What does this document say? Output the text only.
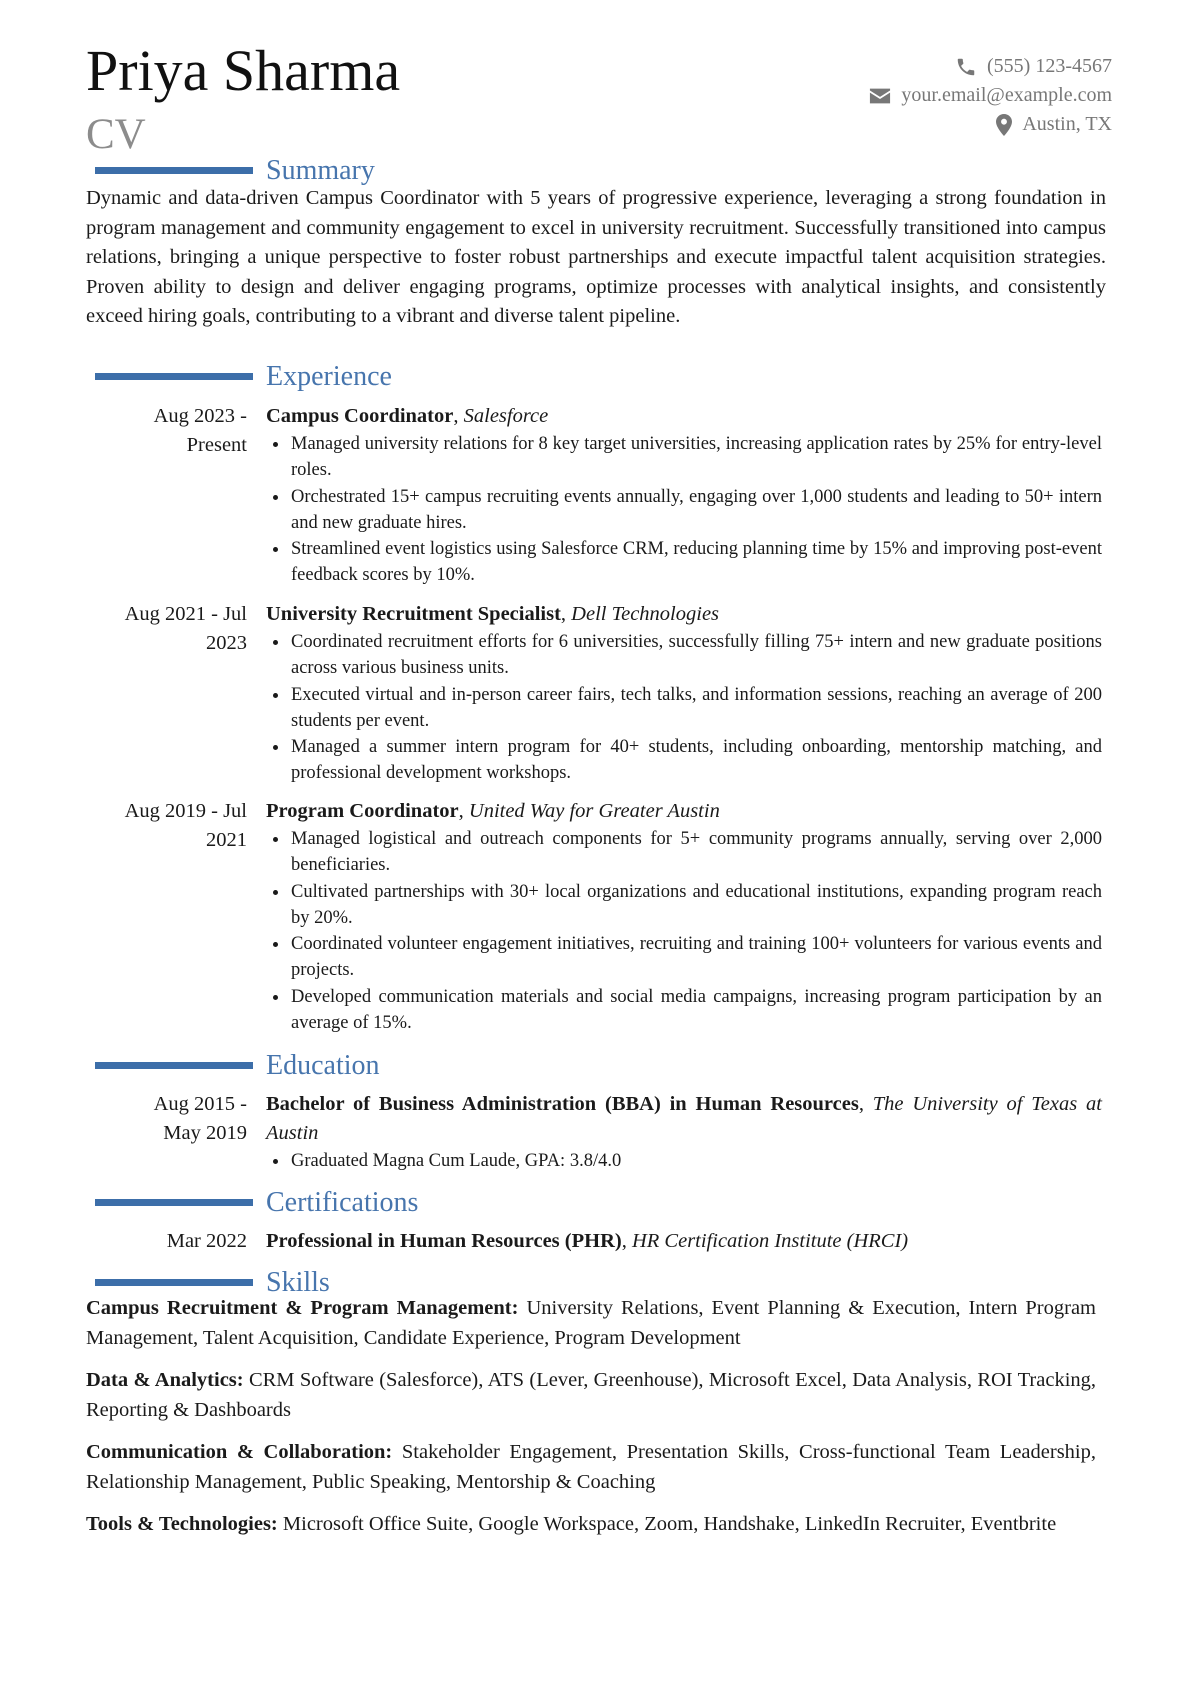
Priya Sharma
CV
(555) 123-4567
your.email@example.com
Austin, TX
Summary

Dynamic and data-driven Campus Coordinator with 5 years of progressive experience, leveraging a strong foundation in program management and community engagement to excel in university recruitment. Successfully transitioned into campus relations, bringing a unique perspective to foster robust partnerships and execute impactful talent acquisition strategies. Proven ability to design and deliver engaging programs, optimize processes with analytical insights, and consistently exceed hiring goals, contributing to a vibrant and diverse talent pipeline.

Experience
Aug 2023 -
Present

Campus Coordinator, Salesforce

Managed university relations for 8 key target universities, increasing application rates by 25% for entry-level roles.
Orchestrated 15+ campus recruiting events annually, engaging over 1,000 students and leading to 50+ intern and new graduate hires.
Streamlined event logistics using Salesforce CRM, reducing planning time by 15% and improving post-event feedback scores by 10%.
Aug 2021 - Jul
2023

University Recruitment Specialist, Dell Technologies

Coordinated recruitment efforts for 6 universities, successfully filling 75+ intern and new graduate positions across various business units.
Executed virtual and in-person career fairs, tech talks, and information sessions, reaching an average of 200 students per event.
Managed a summer intern program for 40+ students, including onboarding, mentorship matching, and professional development workshops.
Aug 2019 - Jul
2021

Program Coordinator, United Way for Greater Austin

Managed logistical and outreach components for 5+ community programs annually, serving over 2,000 beneficiaries.
Cultivated partnerships with 30+ local organizations and educational institutions, expanding program reach by 20%.
Coordinated volunteer engagement initiatives, recruiting and training 100+ volunteers for various events and projects.
Developed communication materials and social media campaigns, increasing program participation by an average of 15%.
Education
Aug 2015 -
May 2019

Bachelor of Business Administration (BBA) in Human Resources, The University of Texas at Austin

Graduated Magna Cum Laude, GPA: 3.8/4.0
Certifications
Mar 2022 Professional in Human Resources (PHR), HR Certification Institute (HRCI)

Skills

Campus Recruitment & Program Management: University Relations, Event Planning & Execution, Intern Program Management, Talent Acquisition, Candidate Experience, Program Development

Data & Analytics: CRM Software (Salesforce), ATS (Lever, Greenhouse), Microsoft Excel, Data Analysis, ROI Tracking, Reporting & Dashboards

Communication & Collaboration: Stakeholder Engagement, Presentation Skills, Cross-functional Team Leadership, Relationship Management, Public Speaking, Mentorship & Coaching

Tools & Technologies: Microsoft Office Suite, Google Workspace, Zoom, Handshake, LinkedIn Recruiter, Eventbrite
